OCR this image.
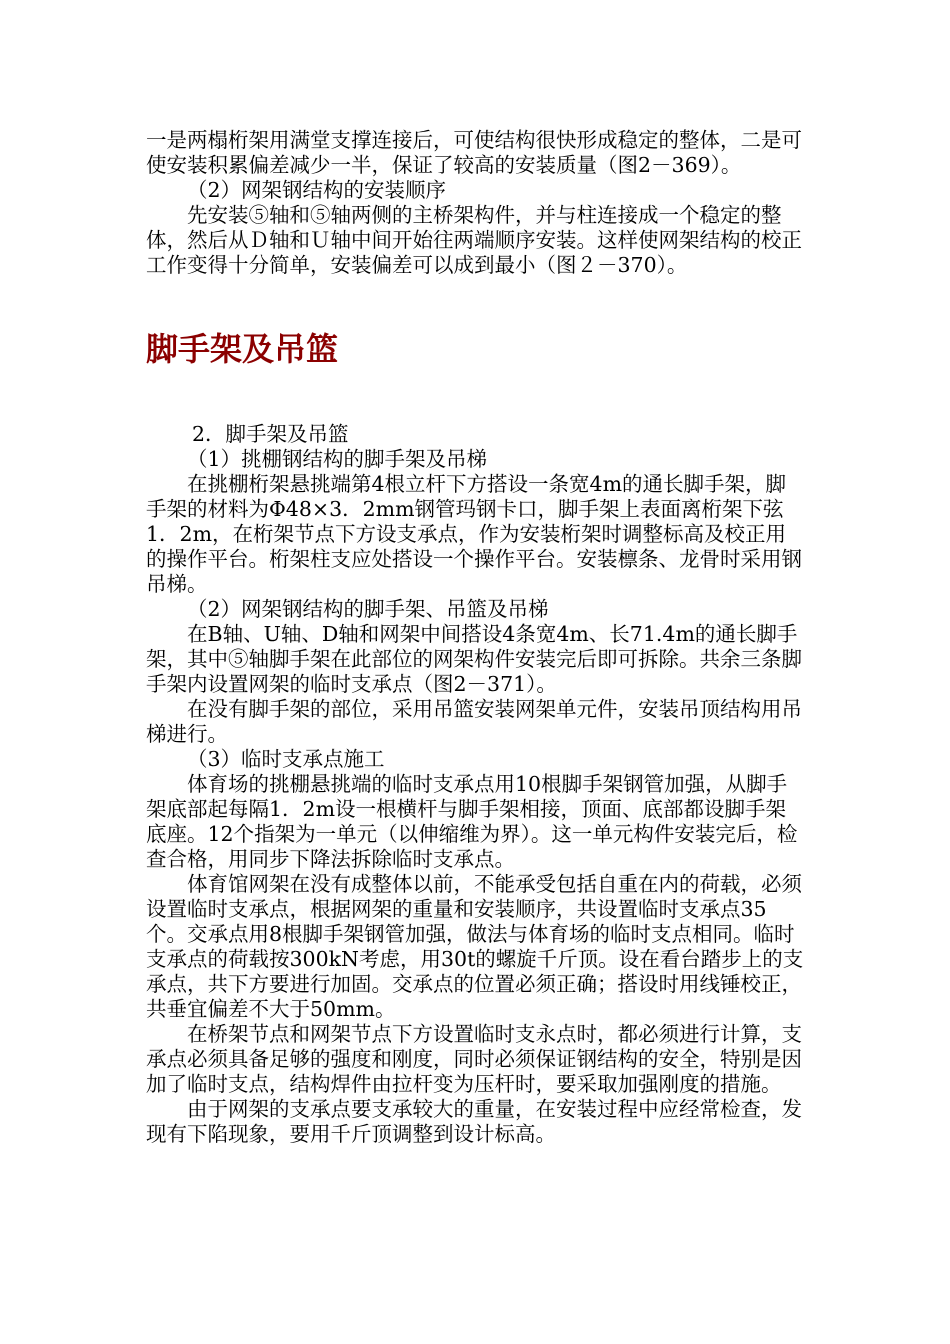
一是两榻桁架用满堂支撑连接后，可使结构很快形成稳定的整体，二是可使安装积累偏差减少一半，保证了较高的安装质量（图2－369）。

（2）网架钢结构的安装顺序

先安装⑤轴和⑤轴两侧的主桥架构件，并与柱连接成一个稳定的整体，然后从Ｄ轴和Ｕ轴中间开始往两端顺序安装。这样使网架结构的校正工作变得十分简单，安装偏差可以成到最小（图２－370）。

脚手架及吊篮

2．脚手架及吊篮

（1）挑棚钢结构的脚手架及吊梯

在挑棚桁架悬挑端第4根立杆下方搭设一条宽4m的通长脚手架，脚手架的材料为Φ48×3．2mm钢管玛钢卡口，脚手架上表面离桁架下弦1．2m，在桁架节点下方设支承点，作为安装桁架时调整标高及校正用的操作平台。桁架柱支应处搭设一个操作平台。安装檩条、龙骨时采用钢吊梯。

（2）网架钢结构的脚手架、吊篮及吊梯

在B轴、U轴、D轴和网架中间搭设4条宽4m、长71.4m的通长脚手架，其中⑤轴脚手架在此部位的网架构件安装完后即可拆除。共余三条脚手架内设置网架的临时支承点（图2－371）。

在没有脚手架的部位，采用吊篮安装网架单元件，安装吊顶结构用吊梯进行。

（3）临时支承点施工

体育场的挑棚悬挑端的临时支承点用10根脚手架钢管加强，从脚手架底部起每隔1．2m设一根横杆与脚手架相接，顶面、底部都设脚手架底座。12个指架为一单元（以伸缩维为界）。这一单元构件安装完后，检查合格，用同步下降法拆除临时支承点。

体育馆网架在没有成整体以前，不能承受包括自重在内的荷载，必须设置临时支承点，根据网架的重量和安装顺序，共设置临时支承点35个。交承点用8根脚手架钢管加强，做法与体育场的临时支点相同。临时支承点的荷载按300kN考虑，用30t的螺旋千斤顶。设在看台踏步上的支承点，共下方要进行加固。交承点的位置必须正确；搭设时用线锤校正，共垂宜偏差不大于50mm。

在桥架节点和网架节点下方设置临时支永点时，都必须进行计算，支承点必须具备足够的强度和刚度，同时必须保证钢结构的安全，特别是因加了临时支点，结构焊件由拉杆变为压杆时，要采取加强刚度的措施。

由于网架的支承点要支承较大的重量，在安装过程中应经常检查，发现有下陷现象，要用千斤顶调整到设计标高。
